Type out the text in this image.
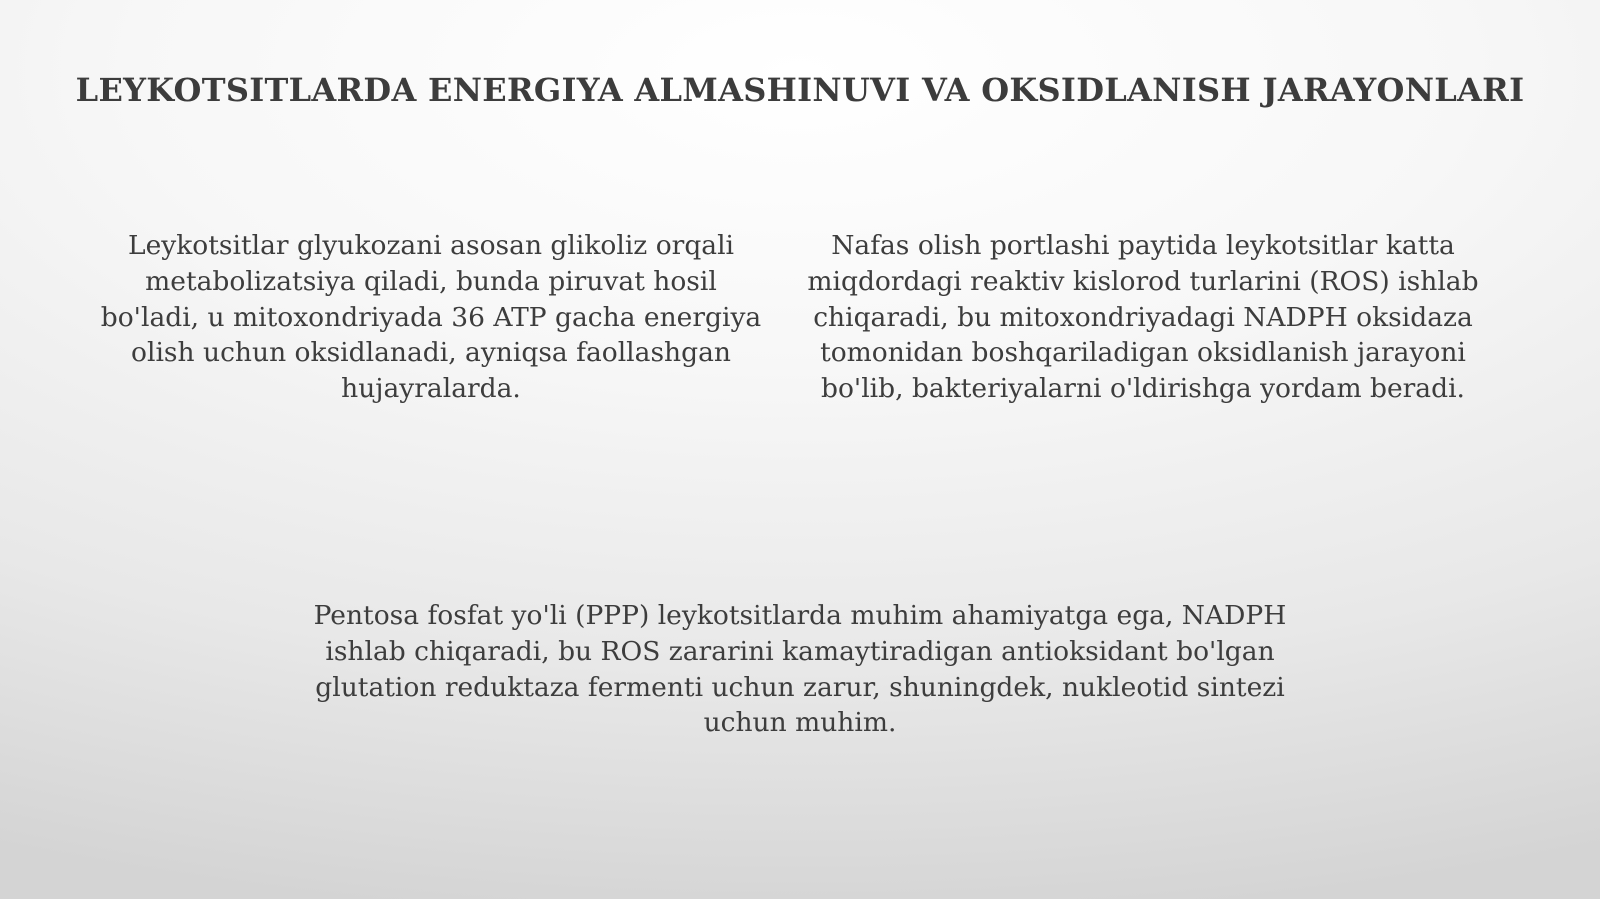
LEYKOTSITLARDA ENERGIYA ALMASHINUVI VA OKSIDLANISH JARAYONLARI
Leykotsitlar glyukozani asosan glikoliz orqali metabolizatsiya qiladi, bunda piruvat hosil bo'ladi, u mitoxondriyada 36 ATP gacha energiya olish uchun oksidlanadi, ayniqsa faollashgan hujayralarda.
Nafas olish portlashi paytida leykotsitlar katta miqdordagi reaktiv kislorod turlarini (ROS) ishlab chiqaradi, bu mitoxondriyadagi NADPH oksidaza tomonidan boshqariladigan oksidlanish jarayoni bo'lib, bakteriyalarni o'ldirishga yordam beradi.
Pentosa fosfat yo'li (PPP) leykotsitlarda muhim ahamiyatga ega, NADPH ishlab chiqaradi, bu ROS zararini kamaytiradigan antioksidant bo'lgan glutation reduktaza fermenti uchun zarur, shuningdek, nukleotid sintezi uchun muhim.
